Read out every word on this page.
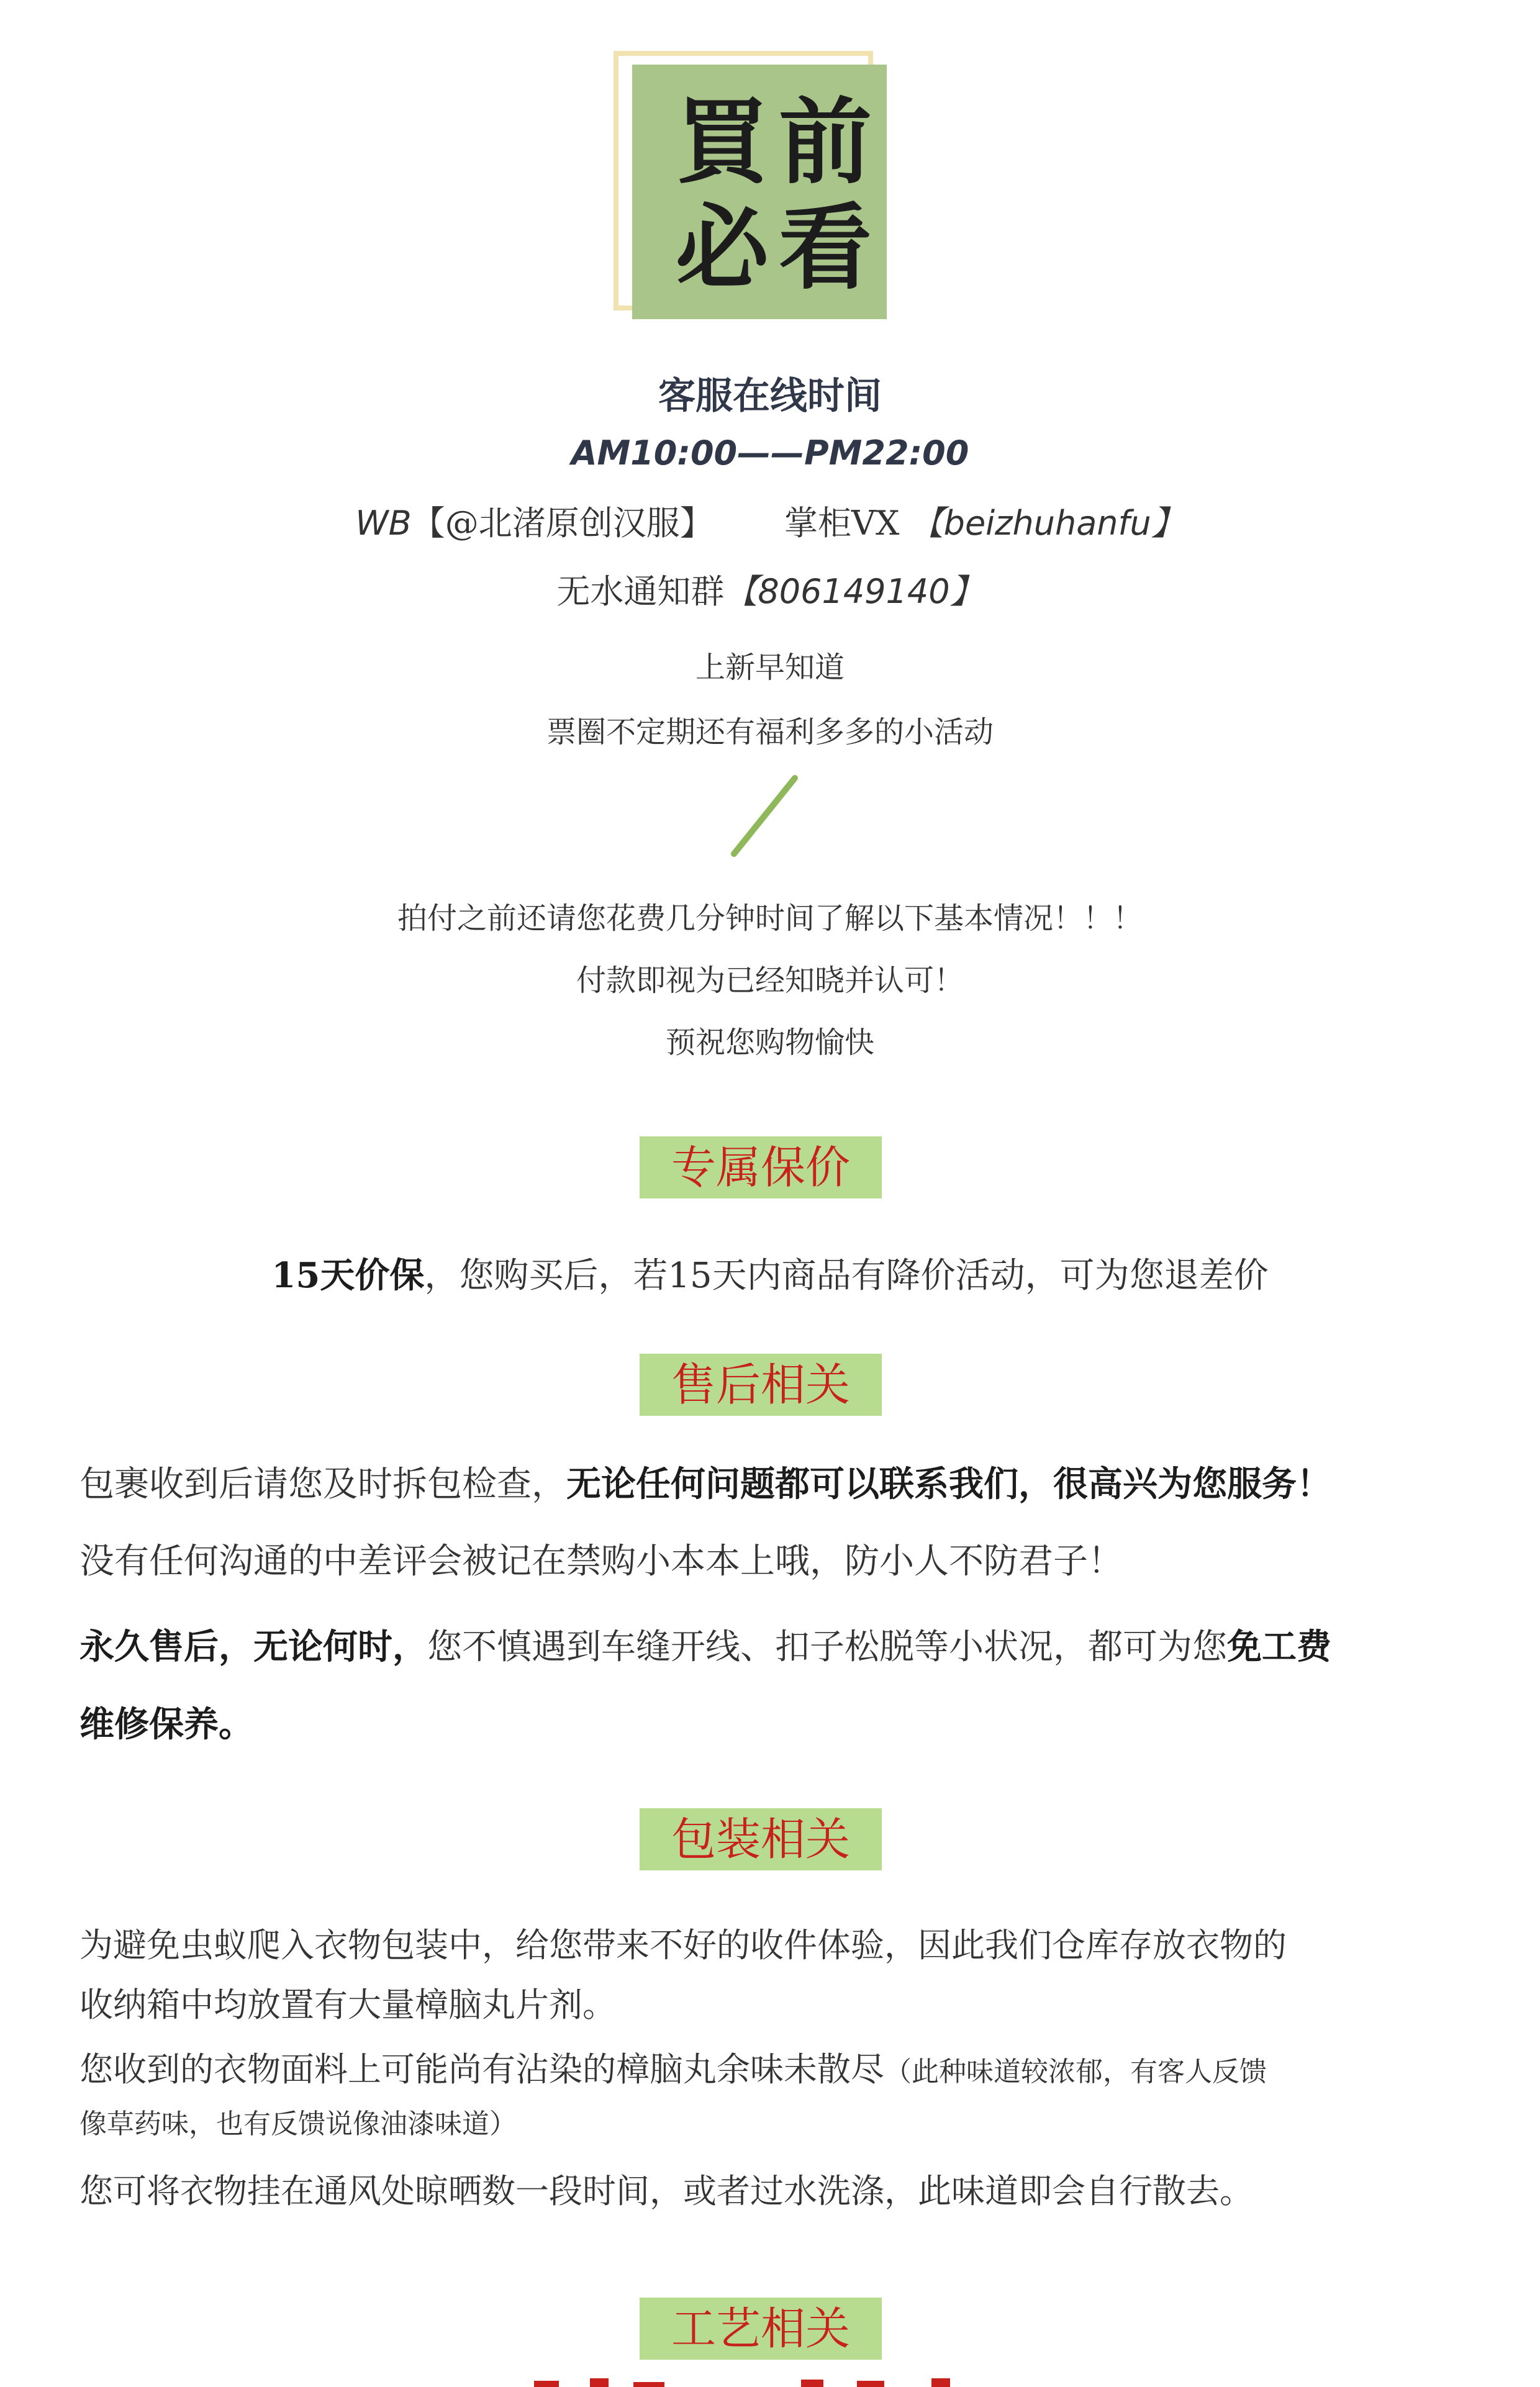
前
買
看
必
客服在线时间
AM10:00——PM22:00
WB【@北渚原创汉服】 掌柜VX 【beizhuhanfu】
无水通知群【806149140】
上新早知道
票圈不定期还有福利多多的小活动
拍付之前还请您花费几分钟时间了解以下基本情况！！！
付款即视为已经知晓并认可！
预祝您购物愉快
专属保价
15天价保，您购买后，若15天内商品有降价活动，可为您退差价
售后相关
包裹收到后请您及时拆包检查，无论任何问题都可以联系我们，很高兴为您服务！
没有任何沟通的中差评会被记在禁购小本本上哦，防小人不防君子！
永久售后，无论何时，您不慎遇到车缝开线、扣子松脱等小状况，都可为您免工费
维修保养。
包装相关
为避免虫蚁爬入衣物包装中，给您带来不好的收件体验，因此我们仓库存放衣物的
收纳箱中均放置有大量樟脑丸片剂。
您收到的衣物面料上可能尚有沾染的樟脑丸余味未散尽（此种味道较浓郁，有客人反馈
像草药味，也有反馈说像油漆味道）
您可将衣物挂在通风处晾晒数一段时间，或者过水洗涤，此味道即会自行散去。
工艺相关
